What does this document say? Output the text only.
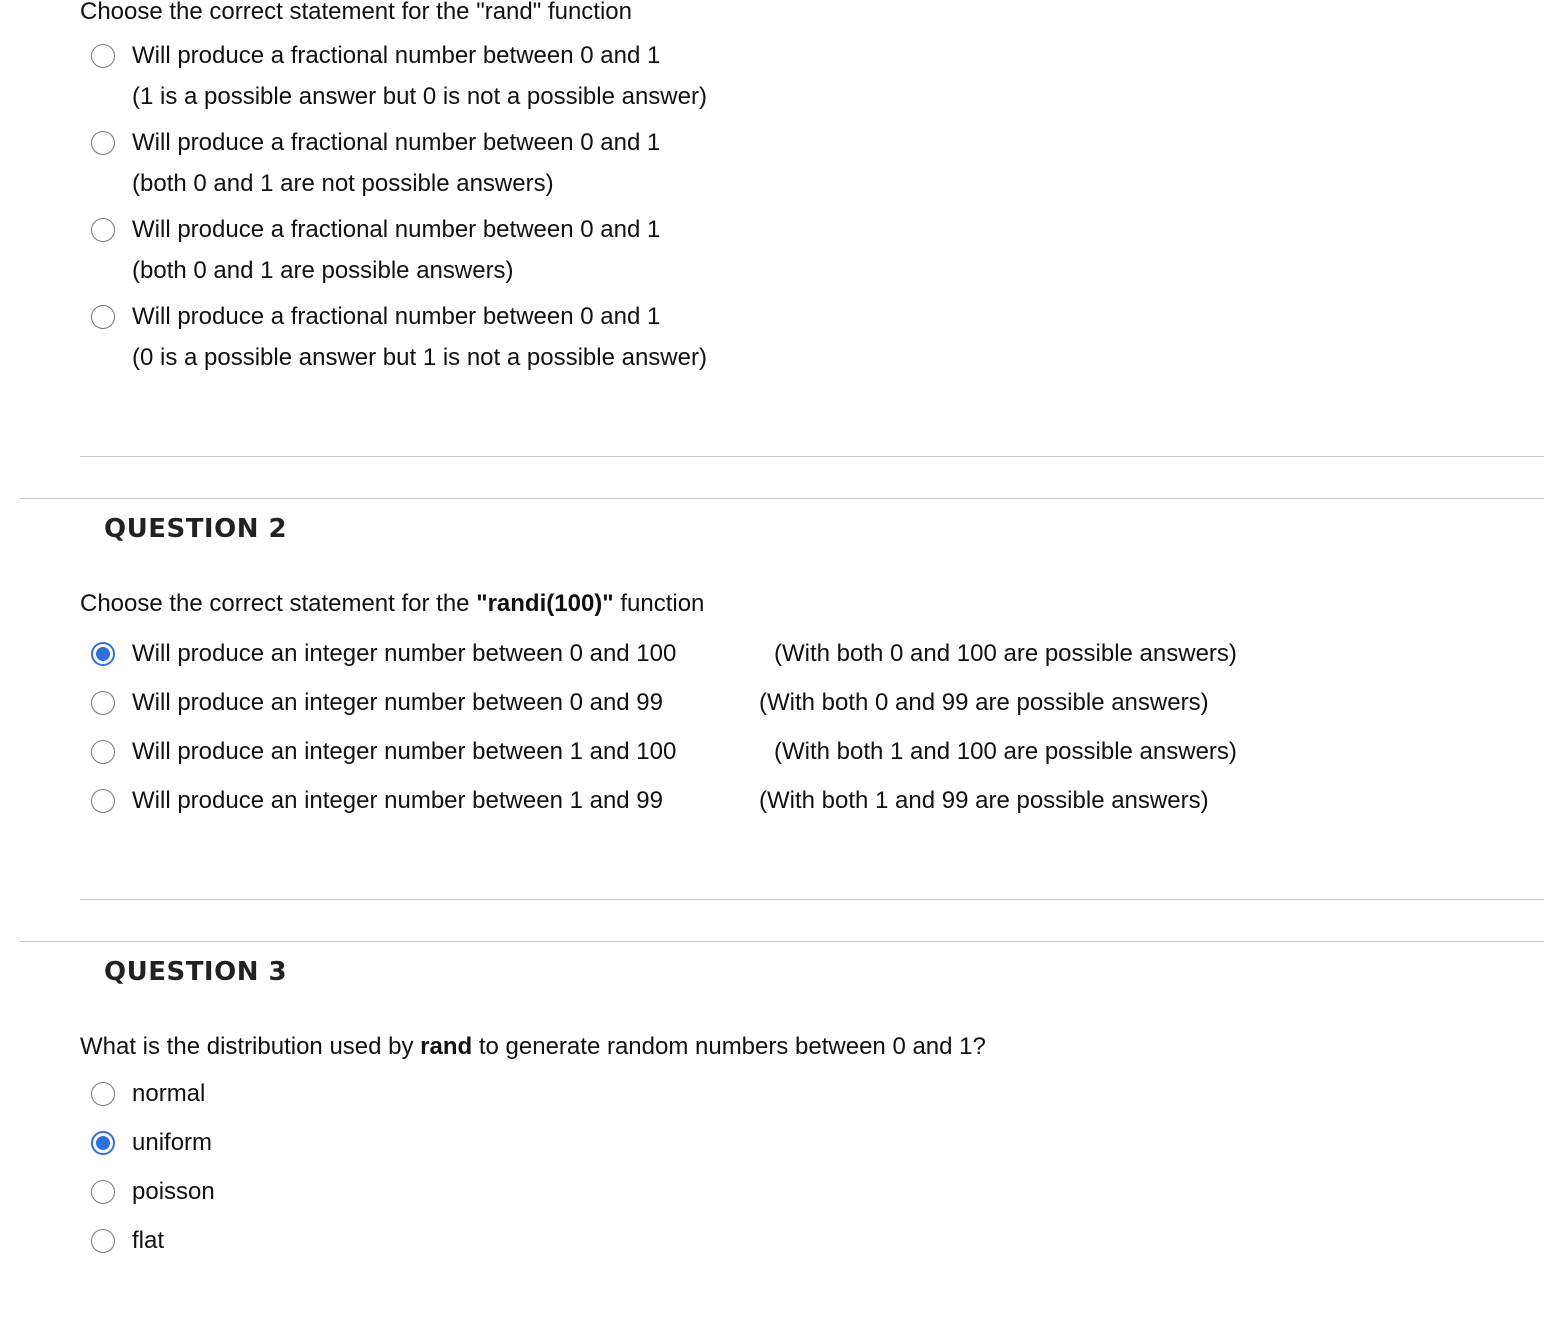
Choose the correct statement for the "rand" function
Will produce a fractional number between 0 and 1
(1 is a possible answer but 0 is not a possible answer)
Will produce a fractional number between 0 and 1
(both 0 and 1 are not possible answers)
Will produce a fractional number between 0 and 1
(both 0 and 1 are possible answers)
Will produce a fractional number between 0 and 1
(0 is a possible answer but 1 is not a possible answer)
QUESTION 2
Choose the correct statement for the "randi(100)" function
Will produce an integer number between 0 and 100	(With both 0 and 100 are possible answers)
Will produce an integer number between 0 and 99	(With both 0 and 99 are possible answers)
Will produce an integer number between 1 and 100	(With both 1 and 100 are possible answers)
Will produce an integer number between 1 and 99	(With both 1 and 99 are possible answers)
QUESTION 3
What is the distribution used by rand to generate random numbers between 0 and 1?
normal
uniform
poisson
flat
